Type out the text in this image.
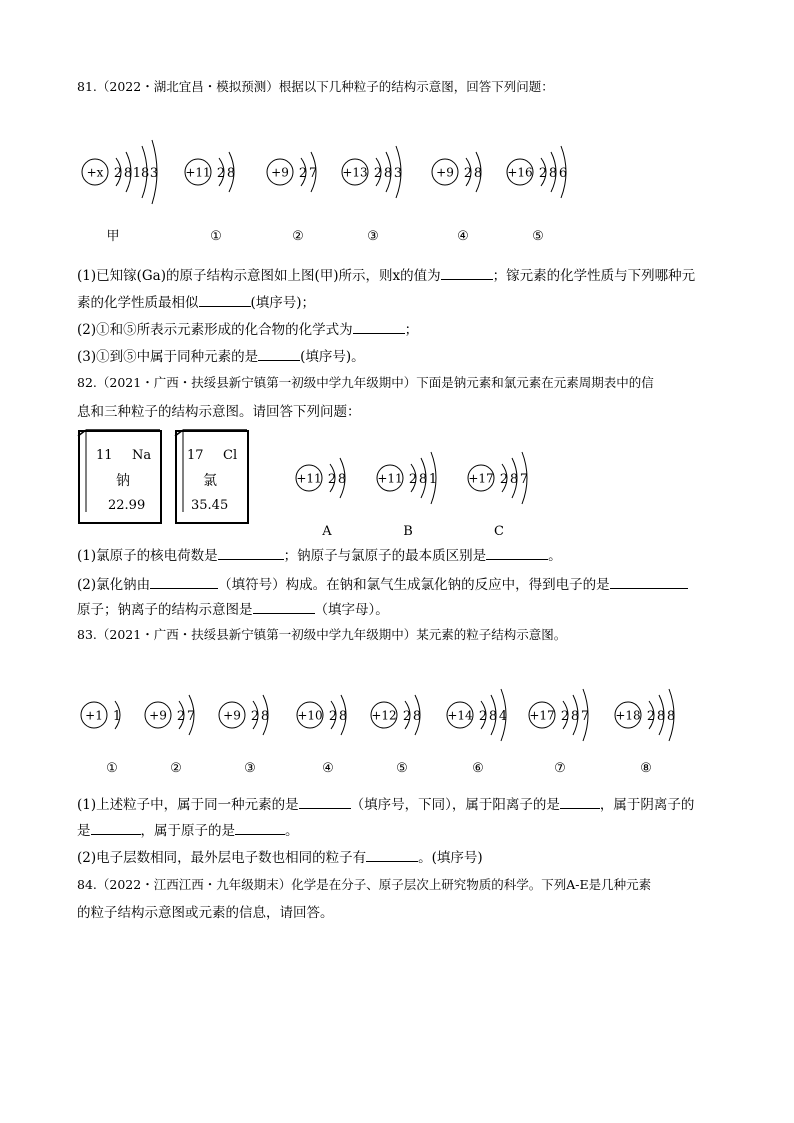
81.（2022・湖北宜昌・模拟预测）根据以下几种粒子的结构示意图，回答下列问题：
+x 2 8 18 3
甲
+11 2 8
①
+9 2 7
②
+13 2 8 3
③
+9 2 8
④
+16 2 8 6
⑤
(1)已知镓(Ga)的原子结构示意图如上图(甲)所示，则x的值为	；镓元素的化学性质与下列哪种元
素的化学性质最相似	(填序号)；
(2)①和⑤所表示元素形成的化合物的化学式为	；
(3)①到⑤中属于同种元素的是	(填序号)。
82.（2021・广西・扶绥县新宁镇第一初级中学九年级期中）下面是钠元素和氯元素在元素周期表中的信
息和三种粒子的结构示意图。请回答下列问题：
11 Na
钠
22.99
17 Cl
氯
35.45
+11 2 8
A
+11 2 8 1
B
+17 2 8 7
C
(1)氯原子的核电荷数是	；钠原子与氯原子的最本质区别是	。
(2)氯化钠由	（填符号）构成。在钠和氯气生成氯化钠的反应中，得到电子的是
原子；钠离子的结构示意图是	（填字母）。
83.（2021・广西・扶绥县新宁镇第一初级中学九年级期中）某元素的粒子结构示意图。
+1 1
①
+9 2 7
②
+9 2 8
③
+10 2 8
④
+12 2 8
⑤
+14 2 8 4
⑥
+17 2 8 7
⑦
+18 2 8 8
⑧
(1)上述粒子中，属于同一种元素的是	（填序号，下同），属于阳离子的是	，属于阴离子的
是	，属于原子的是	。
(2)电子层数相同，最外层电子数也相同的粒子有	。(填序号)
84.（2022・江西江西・九年级期末）化学是在分子、原子层次上研究物质的科学。下列A-E是几种元素
的粒子结构示意图或元素的信息，请回答。
